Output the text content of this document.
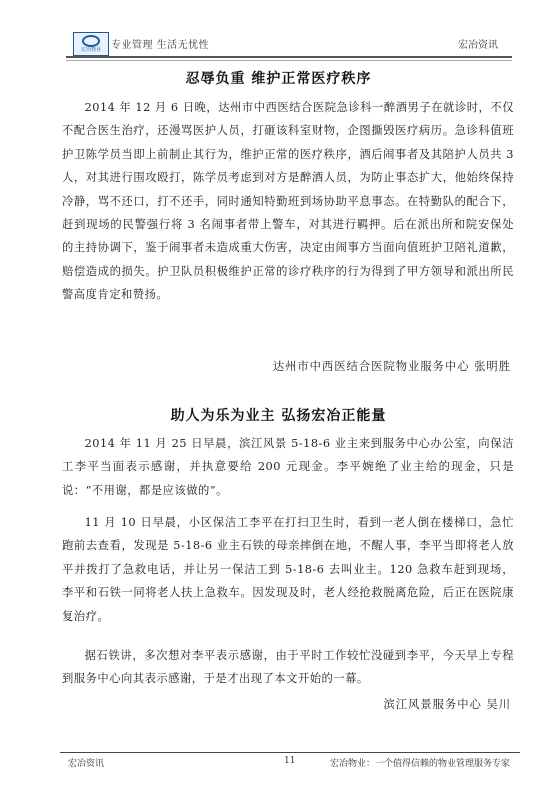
宏冶物业 专业管理 生活无忧性	宏冶资讯
忍辱负重 维护正常医疗秩序

2014 年 12 月 6 日晚，达州市中西医结合医院急诊科一醉酒男子在就诊时，不仅不配合医生治疗，还漫骂医护人员，打砸该科室财物，企图撕毁医疗病历。急诊科值班护卫陈学员当即上前制止其行为，维护正常的医疗秩序，酒后闹事者及其陪护人员共 3 人，对其进行围攻殴打，陈学员考虑到对方是醉酒人员，为防止事态扩大，他始终保持冷静，骂不还口，打不还手，同时通知特勤班到场协助平息事态。在特勤队的配合下，赶到现场的民警强行将 3 名闹事者带上警车，对其进行羁押。后在派出所和院安保处的主持协调下，鉴于闹事者未造成重大伤害，决定由闹事方当面向值班护卫陪礼道歉，赔偿造成的损失。护卫队员积极维护正常的诊疗秩序的行为得到了甲方领导和派出所民警高度肯定和赞扬。

达州市中西医结合医院物业服务中心 张明胜
助人为乐为业主 弘扬宏冶正能量

2014 年 11 月 25 日早晨，滨江风景 5-18-6 业主来到服务中心办公室，向保洁工李平当面表示感谢，并执意要给 200 元现金。李平婉绝了业主给的现金，只是说：“不用谢，都是应该做的”。

11 月 10 日早晨，小区保洁工李平在打扫卫生时，看到一老人倒在楼梯口，急忙跑前去查看，发现是 5-18-6 业主石铁的母亲摔倒在地，不醒人事，李平当即将老人放平并拨打了急救电话，并让另一保洁工到 5-18-6 去叫业主。120 急救车赶到现场，李平和石铁一同将老人扶上急救车。因发现及时，老人经抢救脱离危险，后正在医院康复治疗。

据石铁讲，多次想对李平表示感谢，由于平时工作较忙没碰到李平，今天早上专程到服务中心向其表示感谢，于是才出现了本文开始的一幕。

滨江风景服务中心 吴川
宏冶资讯	11	宏冶物业：一个值得信赖的物业管理服务专家
